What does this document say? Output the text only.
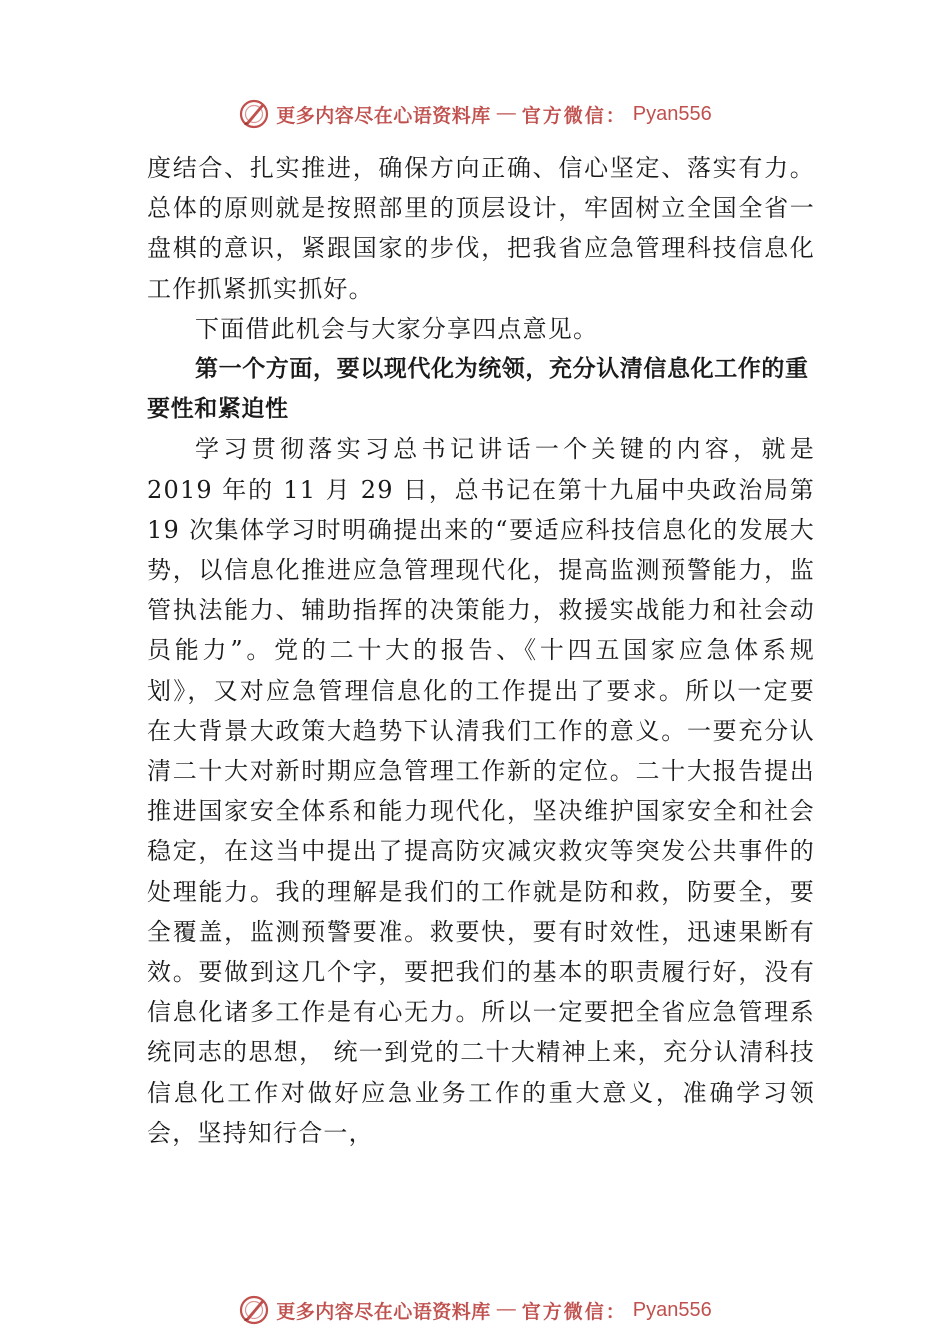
更多内容尽在心语资料库 — 官方微信： Pyan556

度结合、扎实推进，确保方向正确、信心坚定、落实有力。 总体的原则就是按照部里的顶层设计，牢固树立全国全省一盘棋的意识，紧跟国家的步伐，把我省应急管理科技信息化工作抓紧抓实抓好。

下面借此机会与大家分享四点意见。

第一个方面，要以现代化为统领，充分认清信息化工作的重要性和紧迫性

学习贯彻落实习总书记讲话一个关键的内容，就是 2019 年的 11 月 29 日，总书记在第十九届中央政治局第 19 次集体学习时明确提出来的“要适应科技信息化的发展大势，以信息化推进应急管理现代化，提高监测预警能力，监管执法能力、辅助指挥的决策能力，救援实战能力和社会动员能力”。党的二十大的报告、《十四五国家应急体系规划》，又对应急管理信息化的工作提出了要求。所以一定要在大背景大政策大趋势下认清我们工作的意义。一要充分认清二十大对新时期应急管理工作新的定位。二十大报告提出推进国家安全体系和能力现代化，坚决维护国家安全和社会稳定，在这当中提出了提高防灾减灾救灾等突发公共事件的处理能力。我的理解是我们的工作就是防和救，防要全，要全覆盖，监测预警要准。救要快，要有时效性，迅速果断有效。要做到这几个字，要把我们的基本的职责履行好，没有信息化诸多工作是有心无力。所以一定要把全省应急管理系统同志的思想， 统一到党的二十大精神上来，充分认清科技信息化工作对做好应急业务工作的重大意义，准确学习领会，坚持知行合一，

更多内容尽在心语资料库 — 官方微信： Pyan556
